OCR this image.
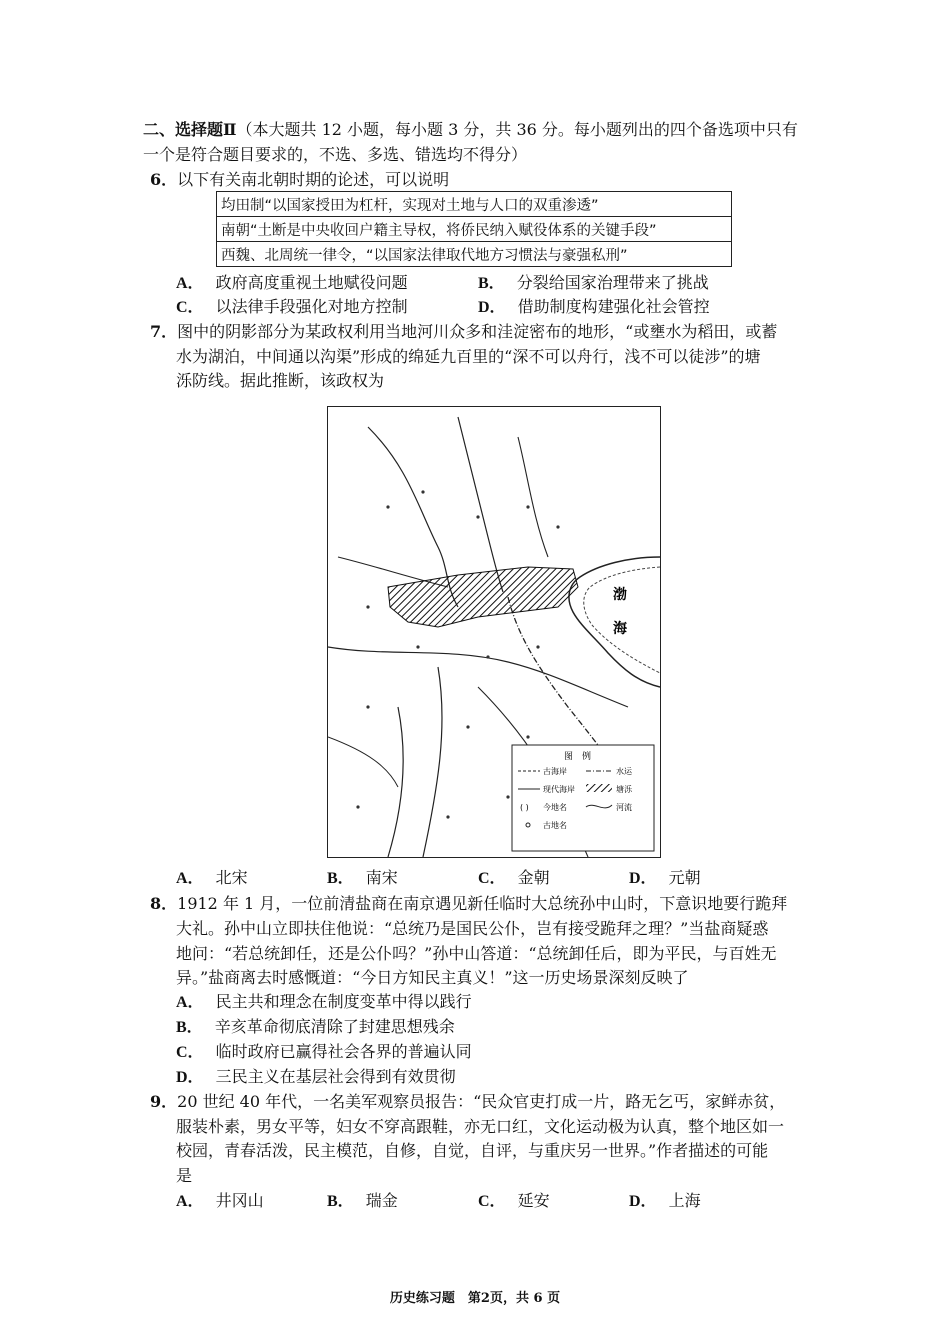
二、选择题Ⅱ（本大题共 12 小题，每小题 3 分，共 36 分。每小题列出的四个备选项中只有
一个是符合题目要求的，不选、多选、错选均不得分）
6．以下有关南北朝时期的论述，可以说明
均田制“以国家授田为杠杆，实现对土地与人口的双重渗透”
南朝“土断是中央收回户籍主导权，将侨民纳入赋役体系的关键手段”
西魏、北周统一律令，“以国家法律取代地方习惯法与豪强私刑”
A． 政府高度重视土地赋役问题	B． 分裂给国家治理带来了挑战
C． 以法律手段强化对地方控制	D． 借助制度构建强化社会管控
7．图中的阴影部分为某政权利用当地河川众多和洼淀密布的地形，“或壅水为稻田，或蓄
水为湖泊，中间通以沟渠”形成的绵延九百里的“深不可以舟行，浅不可以徒涉”的塘
泺防线。据此推断，该政权为
渤
海
图　例
古海岸	水运
现代海岸	塘泺
( ) 今地名	河流
古地名
A． 北宋	B． 南宋	C． 金朝	D． 元朝
8．1912 年 1 月，一位前清盐商在南京遇见新任临时大总统孙中山时，下意识地要行跪拜
大礼。孙中山立即扶住他说：“总统乃是国民公仆，岂有接受跪拜之理？”当盐商疑惑
地问：“若总统卸任，还是公仆吗？”孙中山答道：“总统卸任后，即为平民，与百姓无
异。”盐商离去时感慨道：“今日方知民主真义！”这一历史场景深刻反映了
A． 民主共和理念在制度变革中得以践行
B． 辛亥革命彻底清除了封建思想残余
C． 临时政府已赢得社会各界的普遍认同
D． 三民主义在基层社会得到有效贯彻
9．20 世纪 40 年代，一名美军观察员报告：“民众官吏打成一片，路无乞丐，家鲜赤贫，
服装朴素，男女平等，妇女不穿高跟鞋，亦无口红，文化运动极为认真，整个地区如一
校园，青春活泼，民主模范，自修，自觉，自评，与重庆另一世界。”作者描述的可能
是
A． 井冈山	B． 瑞金	C． 延安	D． 上海
历史练习题　第2页，共 6 页
